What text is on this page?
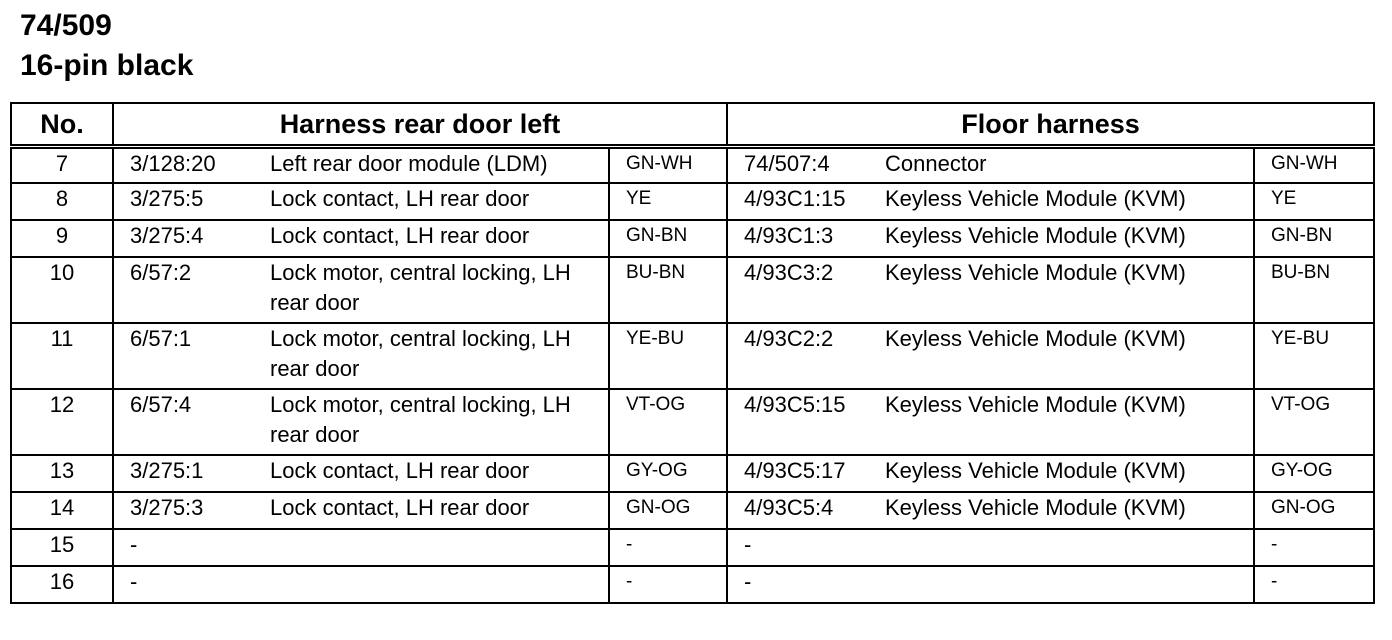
74/509
16-pin black
No.	Harness rear door left			Floor harness		
7	3/128:20	Left rear door module (LDM)	GN-WH	74/507:4	Connector	GN-WH
8	3/275:5	Lock contact, LH rear door	YE	4/93C1:15	Keyless Vehicle Module (KVM)	YE
9	3/275:4	Lock contact, LH rear door	GN-BN	4/93C1:3	Keyless Vehicle Module (KVM)	GN-BN
10	6/57:2	Lock motor, central locking, LH rear door	BU-BN	4/93C3:2	Keyless Vehicle Module (KVM)	BU-BN
11	6/57:1	Lock motor, central locking, LH rear door	YE-BU	4/93C2:2	Keyless Vehicle Module (KVM)	YE-BU
12	6/57:4	Lock motor, central locking, LH rear door	VT-OG	4/93C5:15	Keyless Vehicle Module (KVM)	VT-OG
13	3/275:1	Lock contact, LH rear door	GY-OG	4/93C5:17	Keyless Vehicle Module (KVM)	GY-OG
14	3/275:3	Lock contact, LH rear door	GN-OG	4/93C5:4	Keyless Vehicle Module (KVM)	GN-OG
15	-		-	-		-
16	-		-	-		-
